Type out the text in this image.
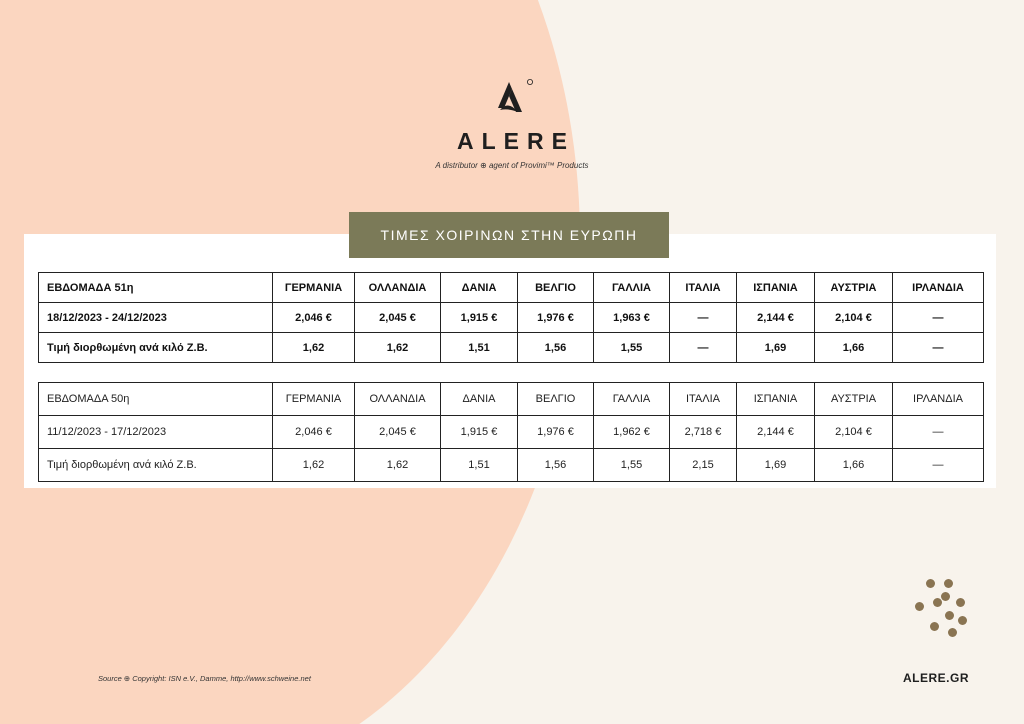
ALERE
A distributor ⊕ agent of Provimi™ Products
ΤΙΜΕΣ ΧΟΙΡΙΝΩΝ ΣΤΗΝ ΕΥΡΩΠΗ
ΕΒΔΟΜΑΔΑ 51η	ΓΕΡΜΑΝΙΑ	ΟΛΛΑΝΔΙΑ	ΔΑΝΙΑ	ΒΕΛΓΙΟ	ΓΑΛΛΙΑ	ΙΤΑΛΙΑ	ΙΣΠΑΝΙΑ	ΑΥΣΤΡΙΑ	ΙΡΛΑΝΔΙΑ
18/12/2023 - 24/12/2023	2,046 €	2,045 €	1,915 €	1,976 €	1,963 €	—	2,144 €	2,104 €	—
Τιμή διορθωμένη ανά κιλό Ζ.Β.	1,62	1,62	1,51	1,56	1,55	—	1,69	1,66	—
ΕΒΔΟΜΑΔΑ 50η	ΓΕΡΜΑΝΙΑ	ΟΛΛΑΝΔΙΑ	ΔΑΝΙΑ	ΒΕΛΓΙΟ	ΓΑΛΛΙΑ	ΙΤΑΛΙΑ	ΙΣΠΑΝΙΑ	ΑΥΣΤΡΙΑ	ΙΡΛΑΝΔΙΑ
11/12/2023 - 17/12/2023	2,046 €	2,045 €	1,915 €	1,976 €	1,962 €	2,718 €	2,144 €	2,104 €	—
Τιμή διορθωμένη ανά κιλό Ζ.Β.	1,62	1,62	1,51	1,56	1,55	2,15	1,69	1,66	—
Source ⊕ Copyright: ISN e.V., Damme, http://www.schweine.net	ALERE.GR
